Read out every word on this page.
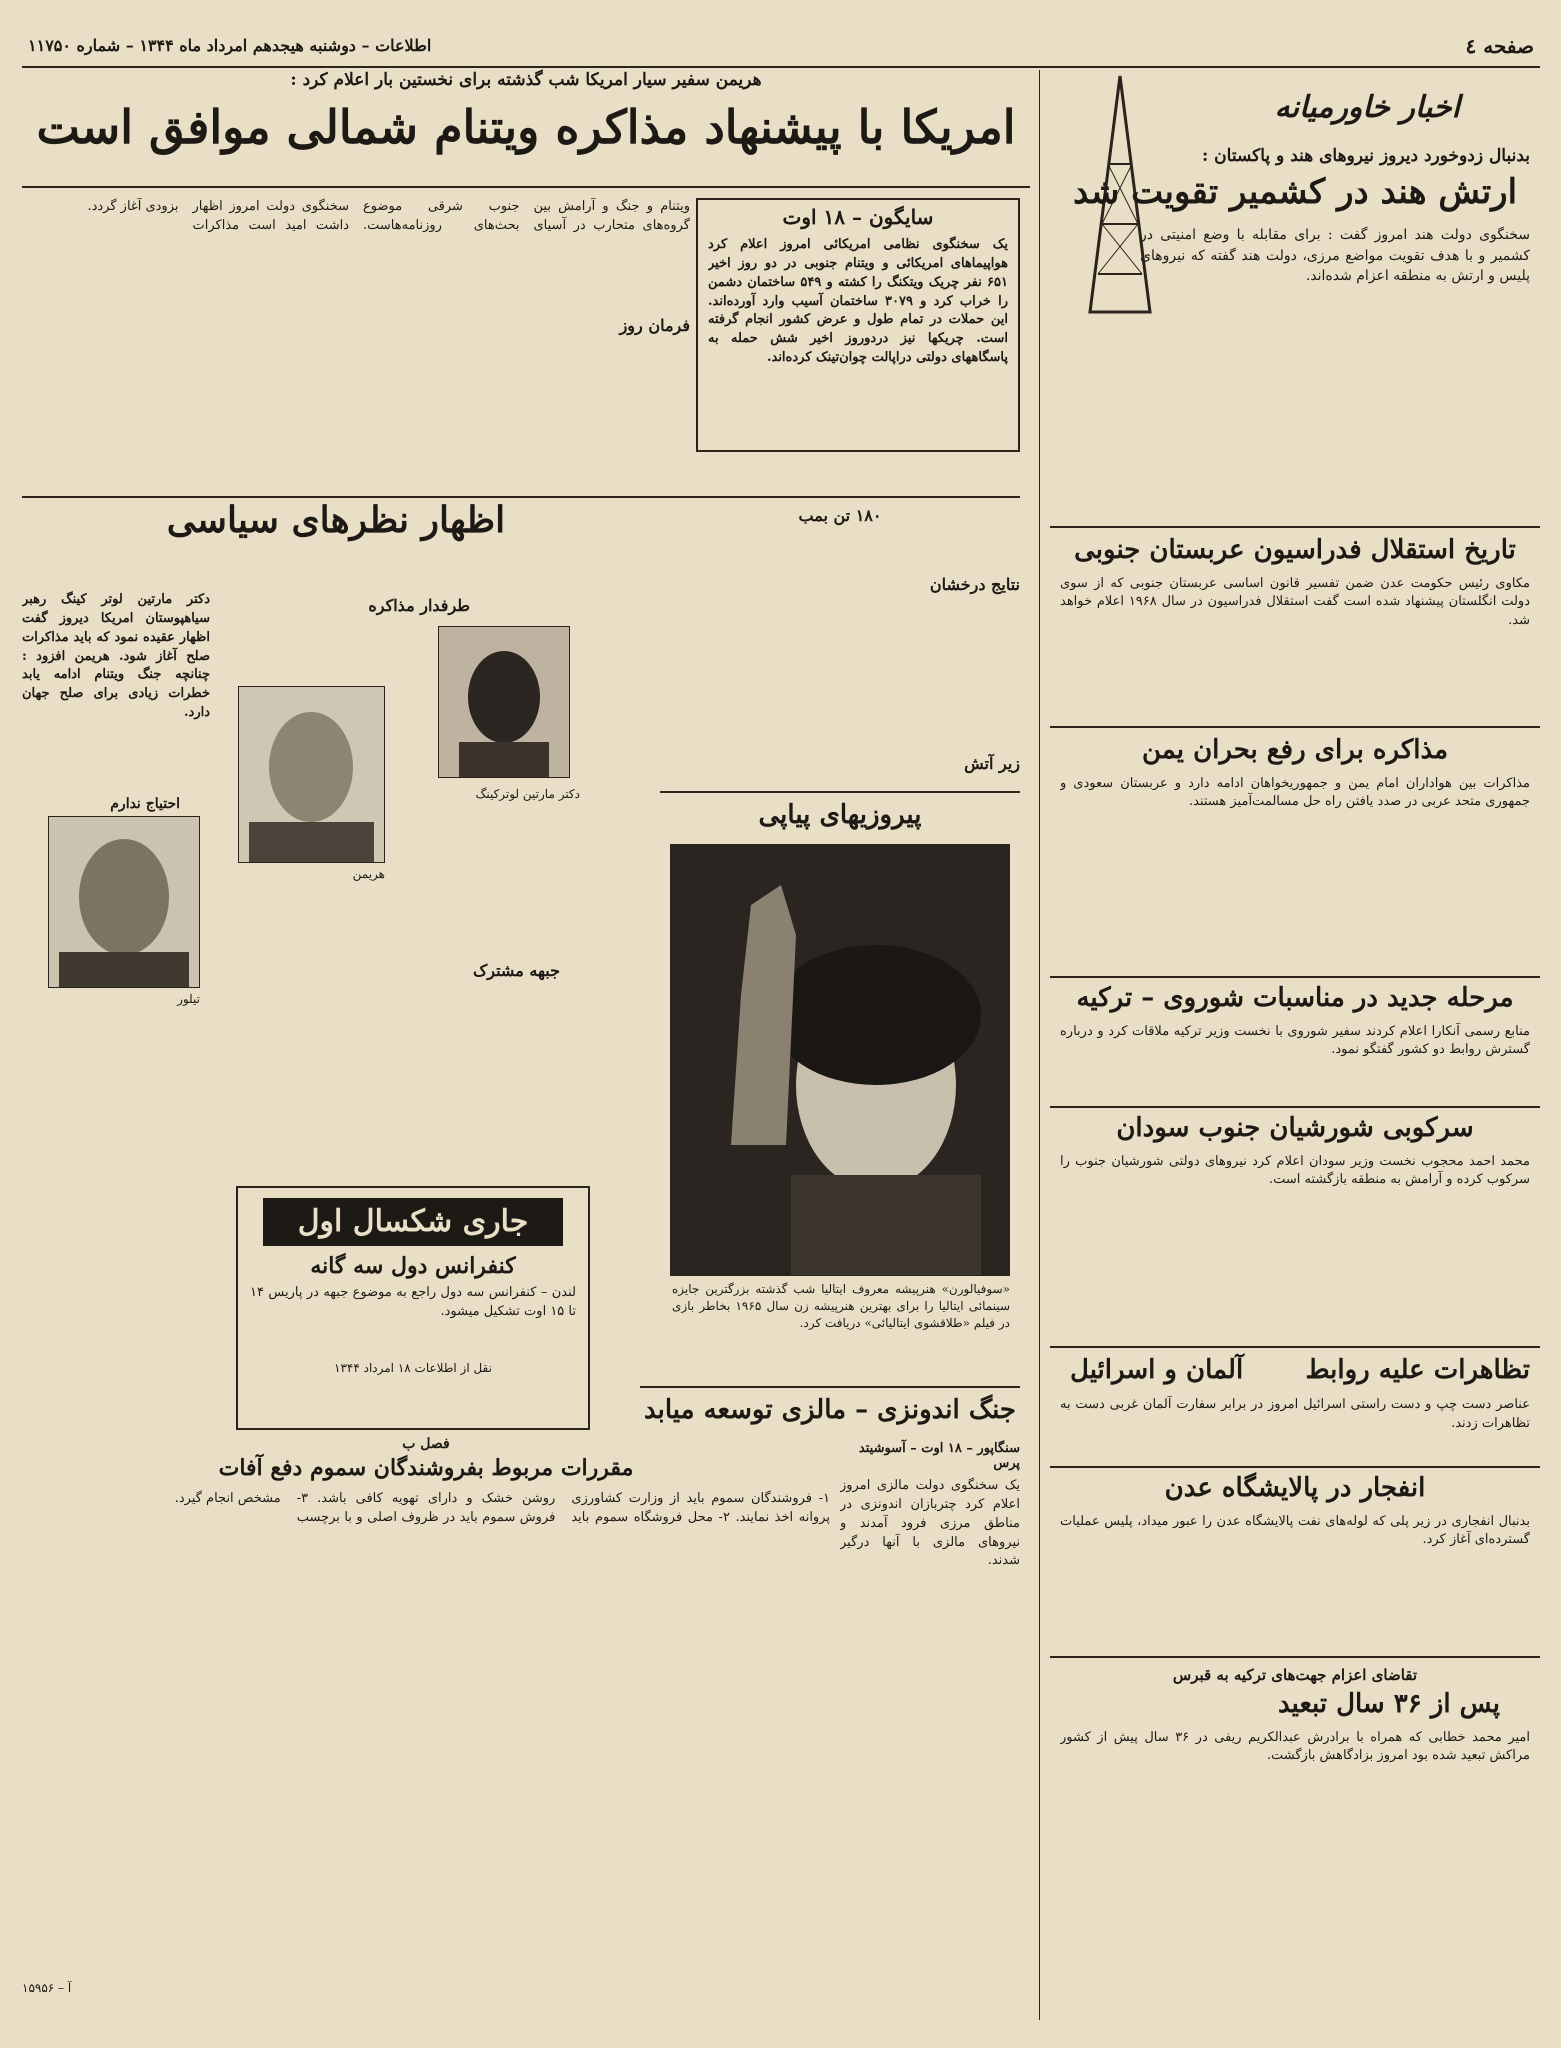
صفحه ٤
اطلاعات – دوشنبه هیجدهم امرداد ماه ۱۳۴۴ – شماره ۱۱۷۵۰
اخبار خاورمیانه
بدنبال زدوخورد دیروز نیروهای هند و پاکستان :
ارتش هند در کشمیر تقویت شد
سخنگوی دولت هند امروز گفت : برای مقابله با وضع امنیتی در کشمیر و با هدف تقویت مواضع مرزی، دولت هند گفته که نیروهای پلیس و ارتش به منطقه اعزام شده‌اند.
تاریخ استقلال فدراسیون عربستان جنوبی
مکاوی رئیس حکومت عدن ضمن تفسیر قانون اساسی عربستان جنوبی که از سوی دولت انگلستان پیشنهاد شده است گفت استقلال فدراسیون در سال ۱۹۶۸ اعلام خواهد شد.
مذاکره برای رفع بحران یمن
مذاکرات بین هواداران امام یمن و جمهوریخواهان ادامه دارد و عربستان سعودی و جمهوری متحد عربی در صدد یافتن راه حل مسالمت‌آمیز هستند.
مرحله جدید در مناسبات شوروی – ترکیه
منابع رسمی آنکارا اعلام کردند سفیر شوروی با نخست وزیر ترکیه ملاقات کرد و درباره گسترش روابط دو کشور گفتگو نمود.
سرکوبی شورشیان جنوب سودان
محمد احمد محجوب نخست وزیر سودان اعلام کرد نیروهای دولتی شورشیان جنوب را سرکوب کرده و آرامش به منطقه بازگشته است.
تظاهرات علیه روابط
آلمان و اسرائیل
عناصر دست چپ و دست راستی اسرائیل امروز در برابر سفارت آلمان غربی دست به تظاهرات زدند.
انفجار در پالایشگاه عدن
بدنبال انفجاری در زیر پلی که لوله‌های نفت پالایشگاه عدن را عبور میداد، پلیس عملیات گسترده‌ای آغاز کرد.
تقاضای اعزام جهت‌های ترکیه به قبرس
پس از ۳۶ سال تبعید
امیر محمد خطابی که همراه با برادرش عبدالکریم ریفی در ۳۶ سال پیش از کشور مراکش تبعید شده بود امروز بزادگاهش بازگشت.
هریمن سفیر سیار امریکا شب گذشته برای نخستین بار اعلام کرد :
امریکا با پیشنهاد مذاکره ویتنام شمالی موافق است
سایگون – ۱۸ اوت
یک سخنگوی نظامی امریکائی امروز اعلام کرد هواپیماهای امریکائی و ویتنام جنوبی در دو روز اخیر ۶۵۱ نفر چریک ویتکنگ را کشته و ۵۴۹ ساختمان دشمن را خراب کرد و ۳۰۷۹ ساختمان آسیب وارد آورده‌اند. این حملات در تمام طول و عرض کشور انجام گرفته است. چریکها نیز دردوروز اخیر شش حمله به پاسگاههای دولتی دراپالت چوان‌تینک کرده‌اند.
ویتنام و جنگ و آرامش بین گروه‌های متحارب در آسیای جنوب شرقی موضوع بحث‌های روزنامه‌هاست. سخنگوی دولت امروز اظهار داشت امید است مذاکرات بزودی آغاز گردد.
فرمان روز
۱۸۰ تن بمب
نتایج درخشان
زیر آتش
اظهار نظرهای سیاسی
طرفدار مذاکره
دکتر مارتین لوتر کینگ رهبر سیاهپوستان امریکا دیروز گفت اظهار عقیده نمود که باید مذاکرات صلح آغاز شود. هریمن افزود : چنانچه جنگ ویتنام ادامه یابد خطرات زیادی برای صلح جهان دارد.
احتیاج ندارم
جبهه مشترک
دکتر مارتین لوترکینگ
هریمن
تیلور
پیروزیهای پیاپی
«سوفیالورن» هنرپیشه معروف ایتالیا شب گذشته بزرگترین جایزه سینمائی ایتالیا را برای بهترین هنرپیشه زن سال ۱۹۶۵ بخاطر بازی در فیلم «طلاقشوی ایتالیائی» دریافت کرد.
جاری شکسال اول
کنفرانس دول سه گانه
لندن – کنفرانس سه دول راجع به موضوع جبهه در پاریس ۱۴ تا ۱۵ اوت تشکیل میشود.
نقل از اطلاعات ۱۸ امرداد ۱۳۴۴
جنگ اندونزی – مالزی توسعه میابد
سنگاپور – ۱۸ اوت – آسوشیتد پرس
یک سخنگوی دولت مالزی امروز اعلام کرد چتربازان اندونزی در مناطق مرزی فرود آمدند و نیروهای مالزی با آنها درگیر شدند.
فصل ب
مقررات مربوط بفروشندگان سموم دفع آفات
۱- فروشندگان سموم باید از وزارت کشاورزی پروانه اخذ نمایند. ۲- محل فروشگاه سموم باید روشن خشک و دارای تهویه کافی باشد. ۳- فروش سموم باید در ظروف اصلی و با برچسب مشخص انجام گیرد.
آ – ۱۵۹۵۶
